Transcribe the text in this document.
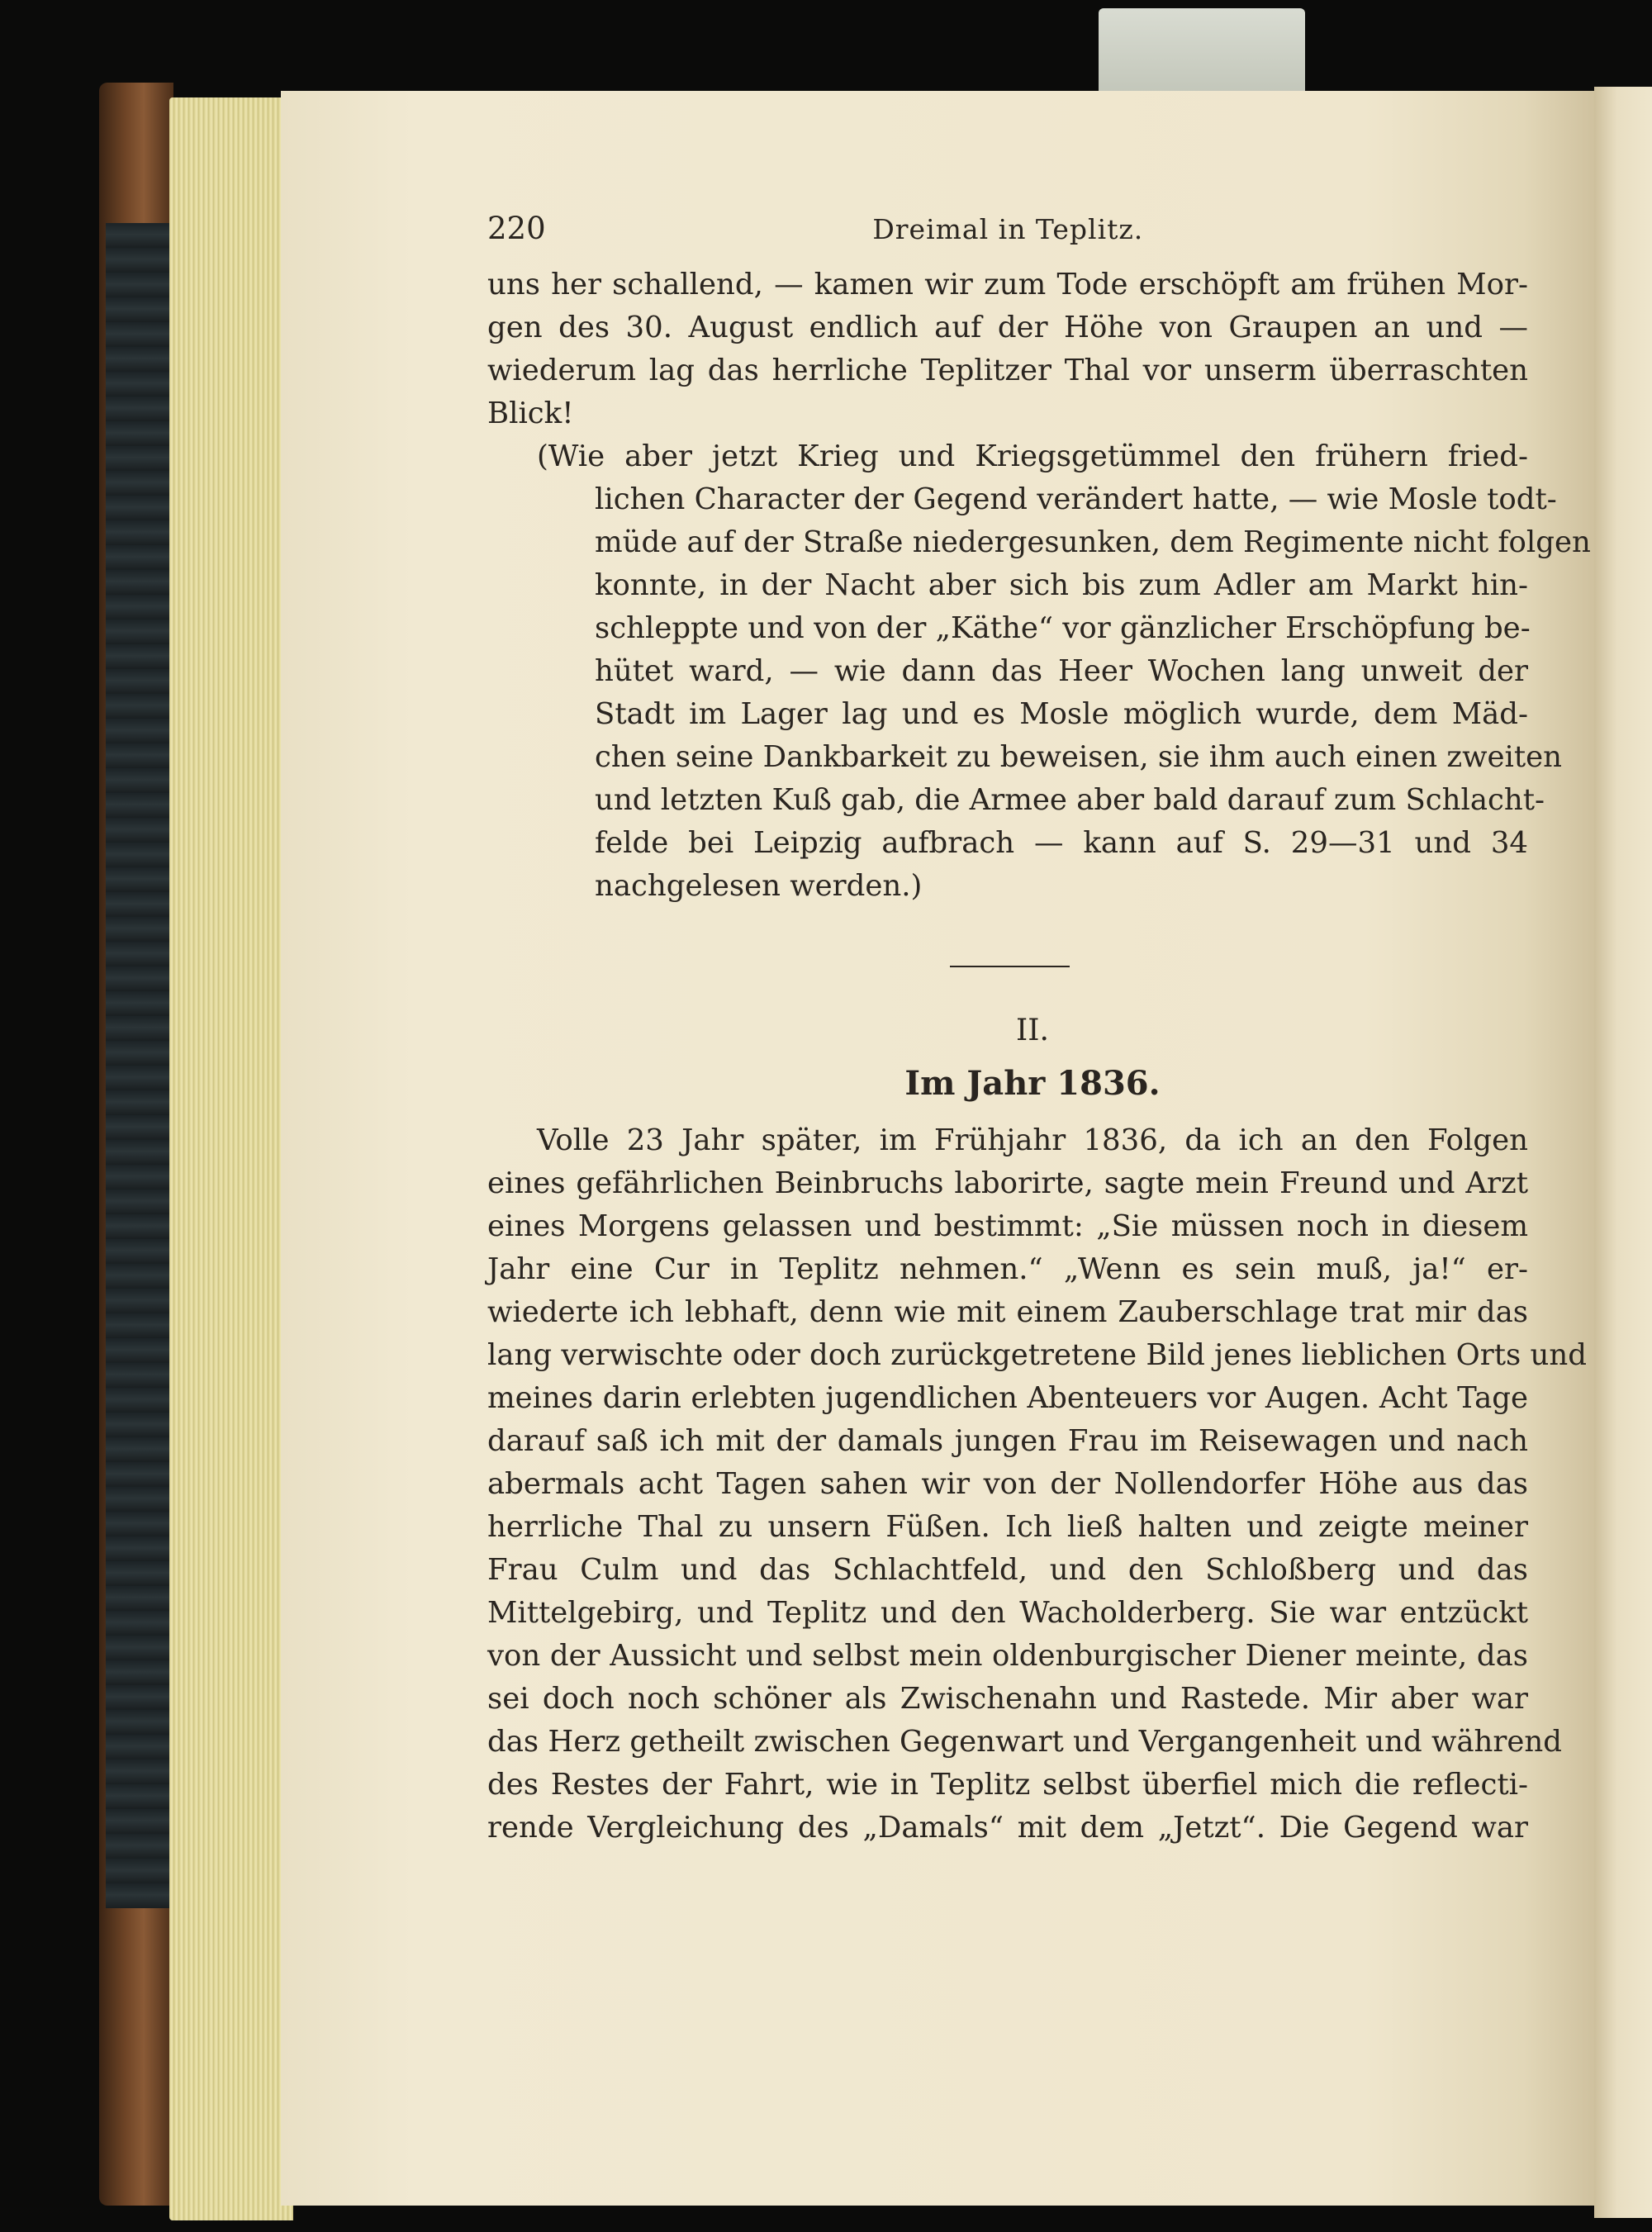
220	Dreimal in Teplitz.

uns her schallend, — kamen wir zum Tode erschöpft am frühen Mor-

gen des 30. August endlich auf der Höhe von Graupen an und —

wiederum lag das herrliche Teplitzer Thal vor unserm überraschten

Blick!

(Wie aber jetzt Krieg und Kriegsgetümmel den frühern fried-

lichen Character der Gegend verändert hatte, — wie Mosle todt-

müde auf der Straße niedergesunken, dem Regimente nicht folgen

konnte, in der Nacht aber sich bis zum Adler am Markt hin-

schleppte und von der „Käthe“ vor gänzlicher Erschöpfung be-

hütet ward, — wie dann das Heer Wochen lang unweit der

Stadt im Lager lag und es Mosle möglich wurde, dem Mäd-

chen seine Dankbarkeit zu beweisen, sie ihm auch einen zweiten

und letzten Kuß gab, die Armee aber bald darauf zum Schlacht-

felde bei Leipzig aufbrach — kann auf S. 29—31 und 34

nachgelesen werden.)

II.
Im Jahr 1836.

Volle 23 Jahr später, im Frühjahr 1836, da ich an den Folgen

eines gefährlichen Beinbruchs laborirte, sagte mein Freund und Arzt

eines Morgens gelassen und bestimmt: „Sie müssen noch in diesem

Jahr eine Cur in Teplitz nehmen.“ „Wenn es sein muß, ja!“ er-

wiederte ich lebhaft, denn wie mit einem Zauberschlage trat mir das

lang verwischte oder doch zurückgetretene Bild jenes lieblichen Orts und

meines darin erlebten jugendlichen Abenteuers vor Augen. Acht Tage

darauf saß ich mit der damals jungen Frau im Reisewagen und nach

abermals acht Tagen sahen wir von der Nollendorfer Höhe aus das

herrliche Thal zu unsern Füßen. Ich ließ halten und zeigte meiner

Frau Culm und das Schlachtfeld, und den Schloßberg und das

Mittelgebirg, und Teplitz und den Wacholderberg. Sie war entzückt

von der Aussicht und selbst mein oldenburgischer Diener meinte, das

sei doch noch schöner als Zwischenahn und Rastede. Mir aber war

das Herz getheilt zwischen Gegenwart und Vergangenheit und während

des Restes der Fahrt, wie in Teplitz selbst überfiel mich die reflecti-

rende Vergleichung des „Damals“ mit dem „Jetzt“. Die Gegend war
